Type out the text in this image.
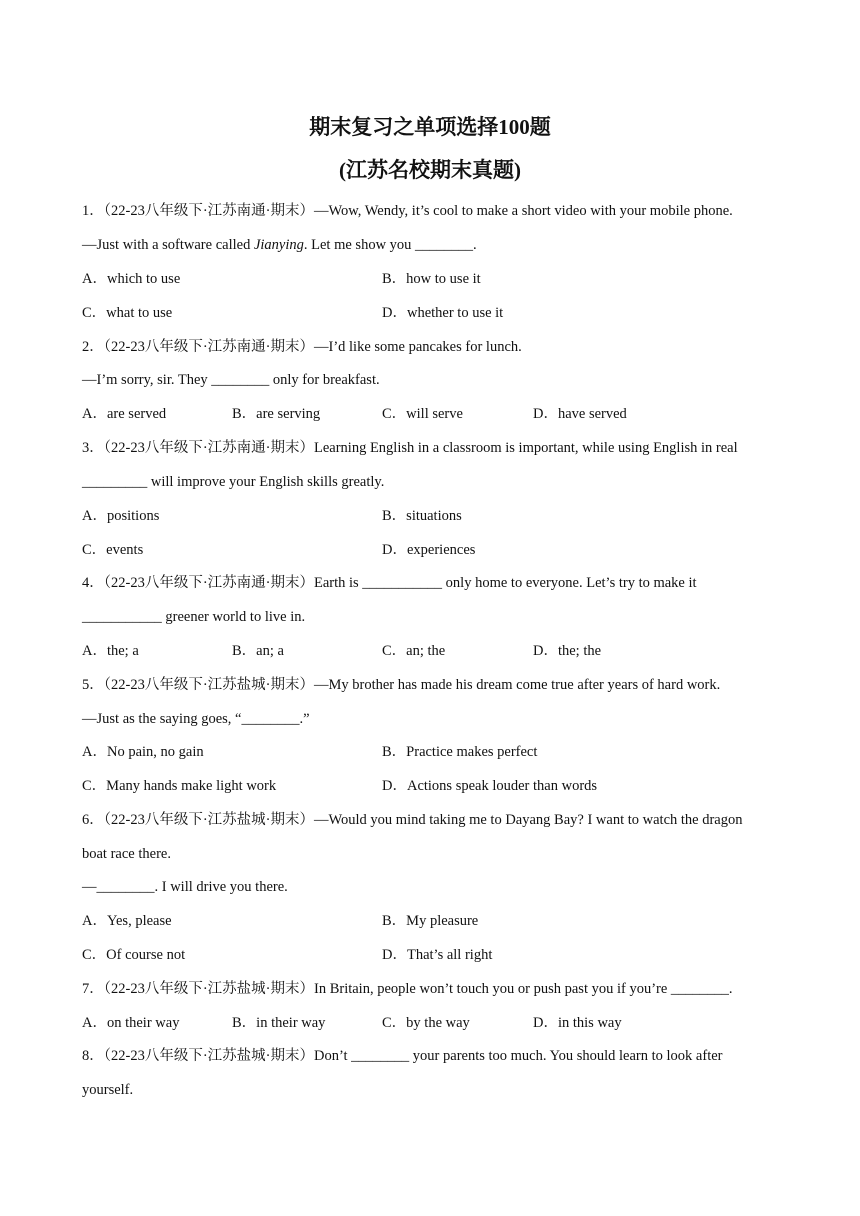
期末复习之单项选择100题
(江苏名校期末真题)
1．（22-23八年级下·江苏南通·期末）—Wow, Wendy, it’s cool to make a short video with your mobile phone.
—Just with a software called Jianying. Let me show you ________.
A．which to use	B．how to use it
C．what to use	D．whether to use it
2．（22-23八年级下·江苏南通·期末）—I’d like some pancakes for lunch.
—I’m sorry, sir. They ________ only for breakfast.
A．are served	B．are serving	C．will serve	D．have served
3．（22-23八年级下·江苏南通·期末）Learning English in a classroom is important, while using English in real
_________ will improve your English skills greatly.
A．positions	B．situations
C．events	D．experiences
4．（22-23八年级下·江苏南通·期末）Earth is ___________ only home to everyone. Let’s try to make it
___________ greener world to live in.
A．the; a	B．an; a	C．an; the	D．the; the
5．（22-23八年级下·江苏盐城·期末）—My brother has made his dream come true after years of hard work.
—Just as the saying goes, “________.”
A．No pain, no gain	B．Practice makes perfect
C．Many hands make light work	D．Actions speak louder than words
6．（22-23八年级下·江苏盐城·期末）—Would you mind taking me to Dayang Bay? I want to watch the dragon
boat race there.
—________. I will drive you there.
A．Yes, please	B．My pleasure
C．Of course not	D．That’s all right
7．（22-23八年级下·江苏盐城·期末）In Britain, people won’t touch you or push past you if you’re ________.
A．on their way	B．in their way	C．by the way	D．in this way
8．（22-23八年级下·江苏盐城·期末）Don’t ________ your parents too much. You should learn to look after
yourself.
